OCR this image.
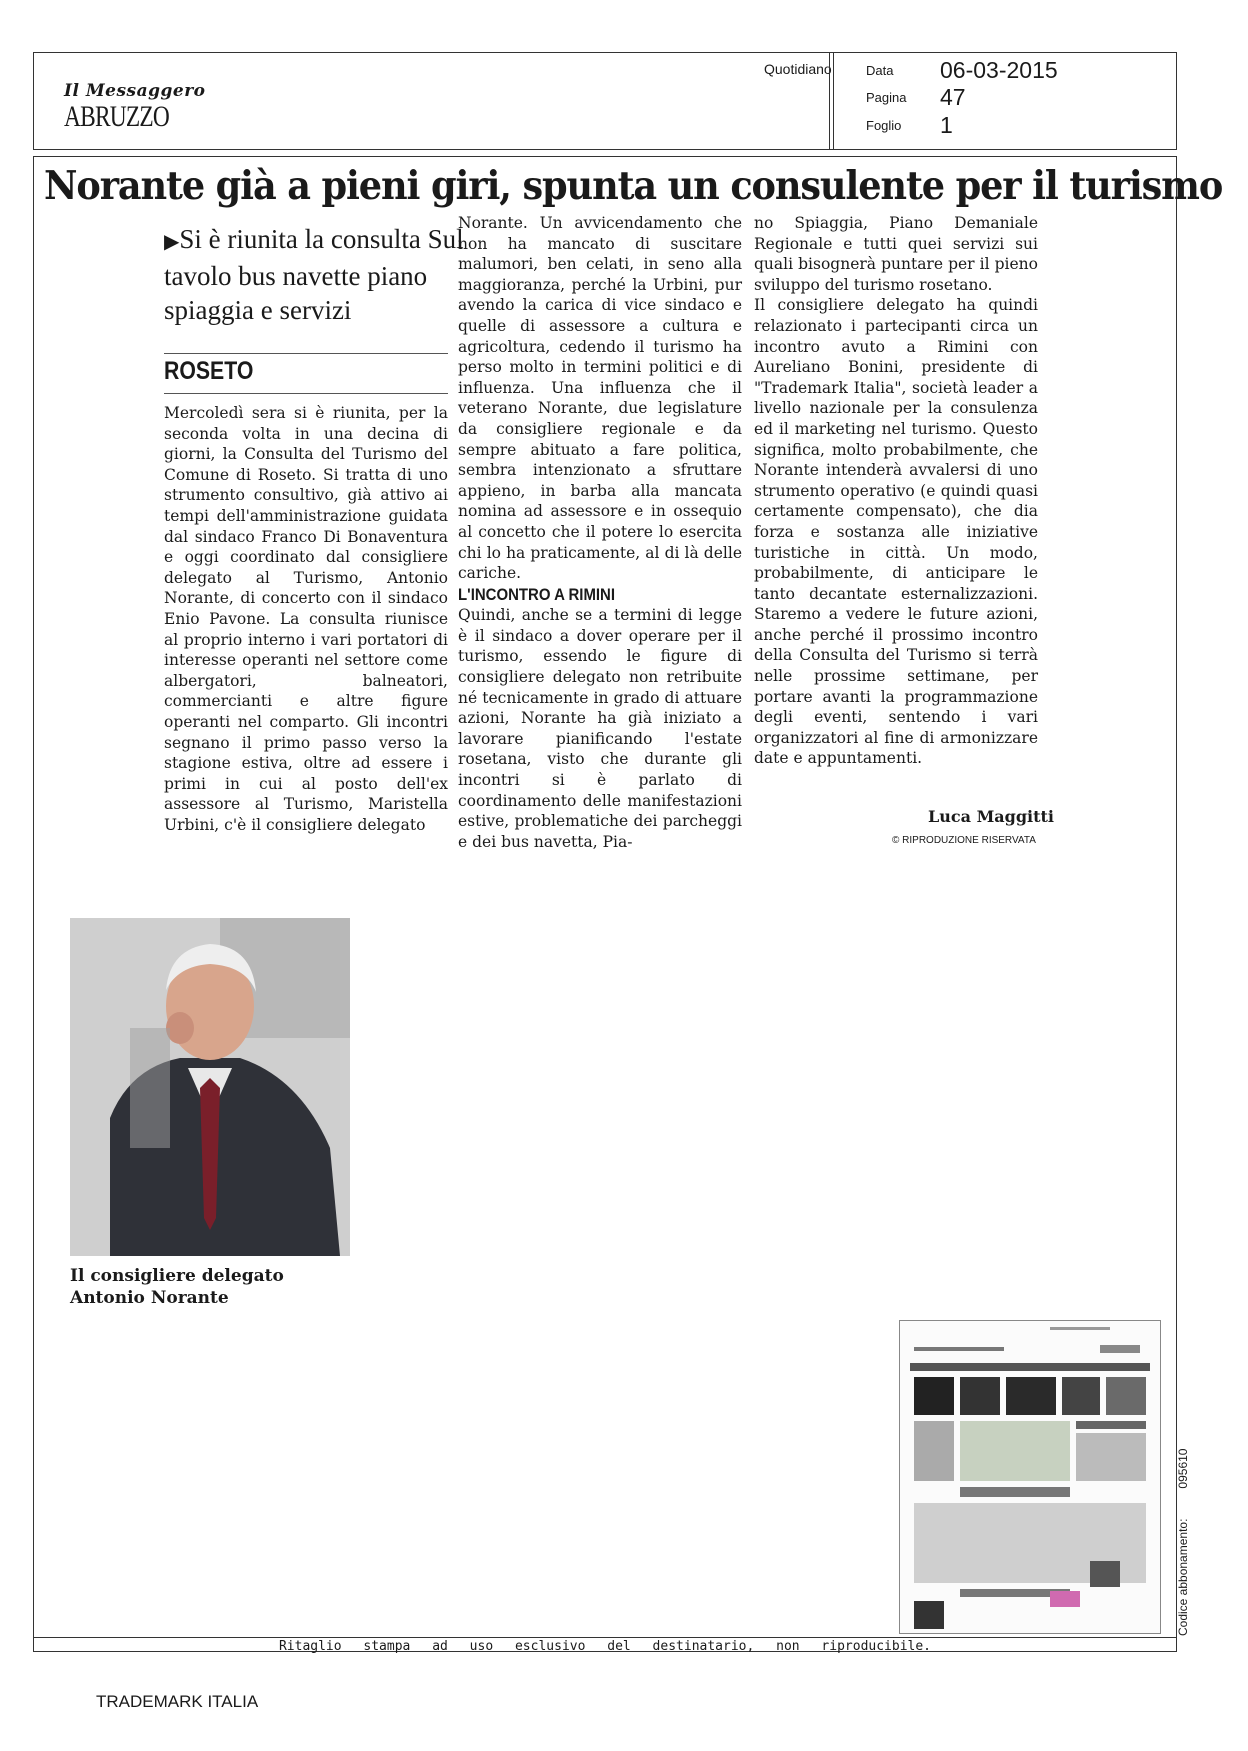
Il Messaggero
ABRUZZO
Quotidiano	Data 06-03-2015
Pagina 47
Foglio 1
Norante già a pieni giri, spunta un consulente per il turismo
▶Si è riunita la consulta Sul tavolo bus navette piano spiaggia e servizi
ROSETO

Mercoledì sera si è riunita, per la seconda volta in una decina di giorni, la Consulta del Turismo del Comune di Roseto. Si tratta di uno strumento consultivo, già attivo ai tempi dell'amministrazione guidata dal sindaco Franco Di Bonaventura e oggi coordinato dal consigliere delegato al Turismo, Antonio Norante, di concerto con il sindaco Enio Pavone. La consulta riunisce al proprio interno i vari portatori di interesse operanti nel settore come albergatori, balneatori, commercianti e altre figure operanti nel comparto. Gli incontri segnano il primo passo verso la stagione estiva, oltre ad essere i primi in cui al posto dell'ex assessore al Turismo, Maristella Urbini, c'è il consigliere delegato

Norante. Un avvicendamento che non ha mancato di suscitare malumori, ben celati, in seno alla maggioranza, perché la Urbini, pur avendo la carica di vice sindaco e quelle di assessore a cultura e agricoltura, cedendo il turismo ha perso molto in termini politici e di influenza. Una influenza che il veterano Norante, due legislature da consigliere regionale e da sempre abituato a fare politica, sembra intenzionato a sfruttare appieno, in barba alla mancata nomina ad assessore e in ossequio al concetto che il potere lo esercita chi lo ha praticamente, al di là delle cariche.

L'INCONTRO A RIMINI

Quindi, anche se a termini di legge è il sindaco a dover operare per il turismo, essendo le figure di consigliere delegato non retribuite né tecnicamente in grado di attuare azioni, Norante ha già iniziato a lavorare pianificando l'estate rosetana, visto che durante gli incontri si è parlato di coordinamento delle manifestazioni estive, problematiche dei parcheggi e dei bus navetta, Pia-

no Spiaggia, Piano Demaniale Regionale e tutti quei servizi sui quali bisognerà puntare per il pieno sviluppo del turismo rosetano.

Il consigliere delegato ha quindi relazionato i partecipanti circa un incontro avuto a Rimini con Aureliano Bonini, presidente di "Trademark Italia", società leader a livello nazionale per la consulenza ed il marketing nel turismo. Questo significa, molto probabilmente, che Norante intenderà avvalersi di uno strumento operativo (e quindi quasi certamente compensato), che dia forza e sostanza alle iniziative turistiche in città. Un modo, probabilmente, di anticipare le tanto decantate esternalizzazioni. Staremo a vedere le future azioni, anche perché il prossimo incontro della Consulta del Turismo si terrà nelle prossime settimane, per portare avanti la programmazione degli eventi, sentendo i vari organizzatori al fine di armonizzare date e appuntamenti.

Luca Maggitti
© RIPRODUZIONE RISERVATA
Il consigliere delegato
Antonio Norante
Ritaglio stampa ad uso esclusivo del destinatario, non riproducibile.
Codice abbonamento:095610
TRADEMARK ITALIA
